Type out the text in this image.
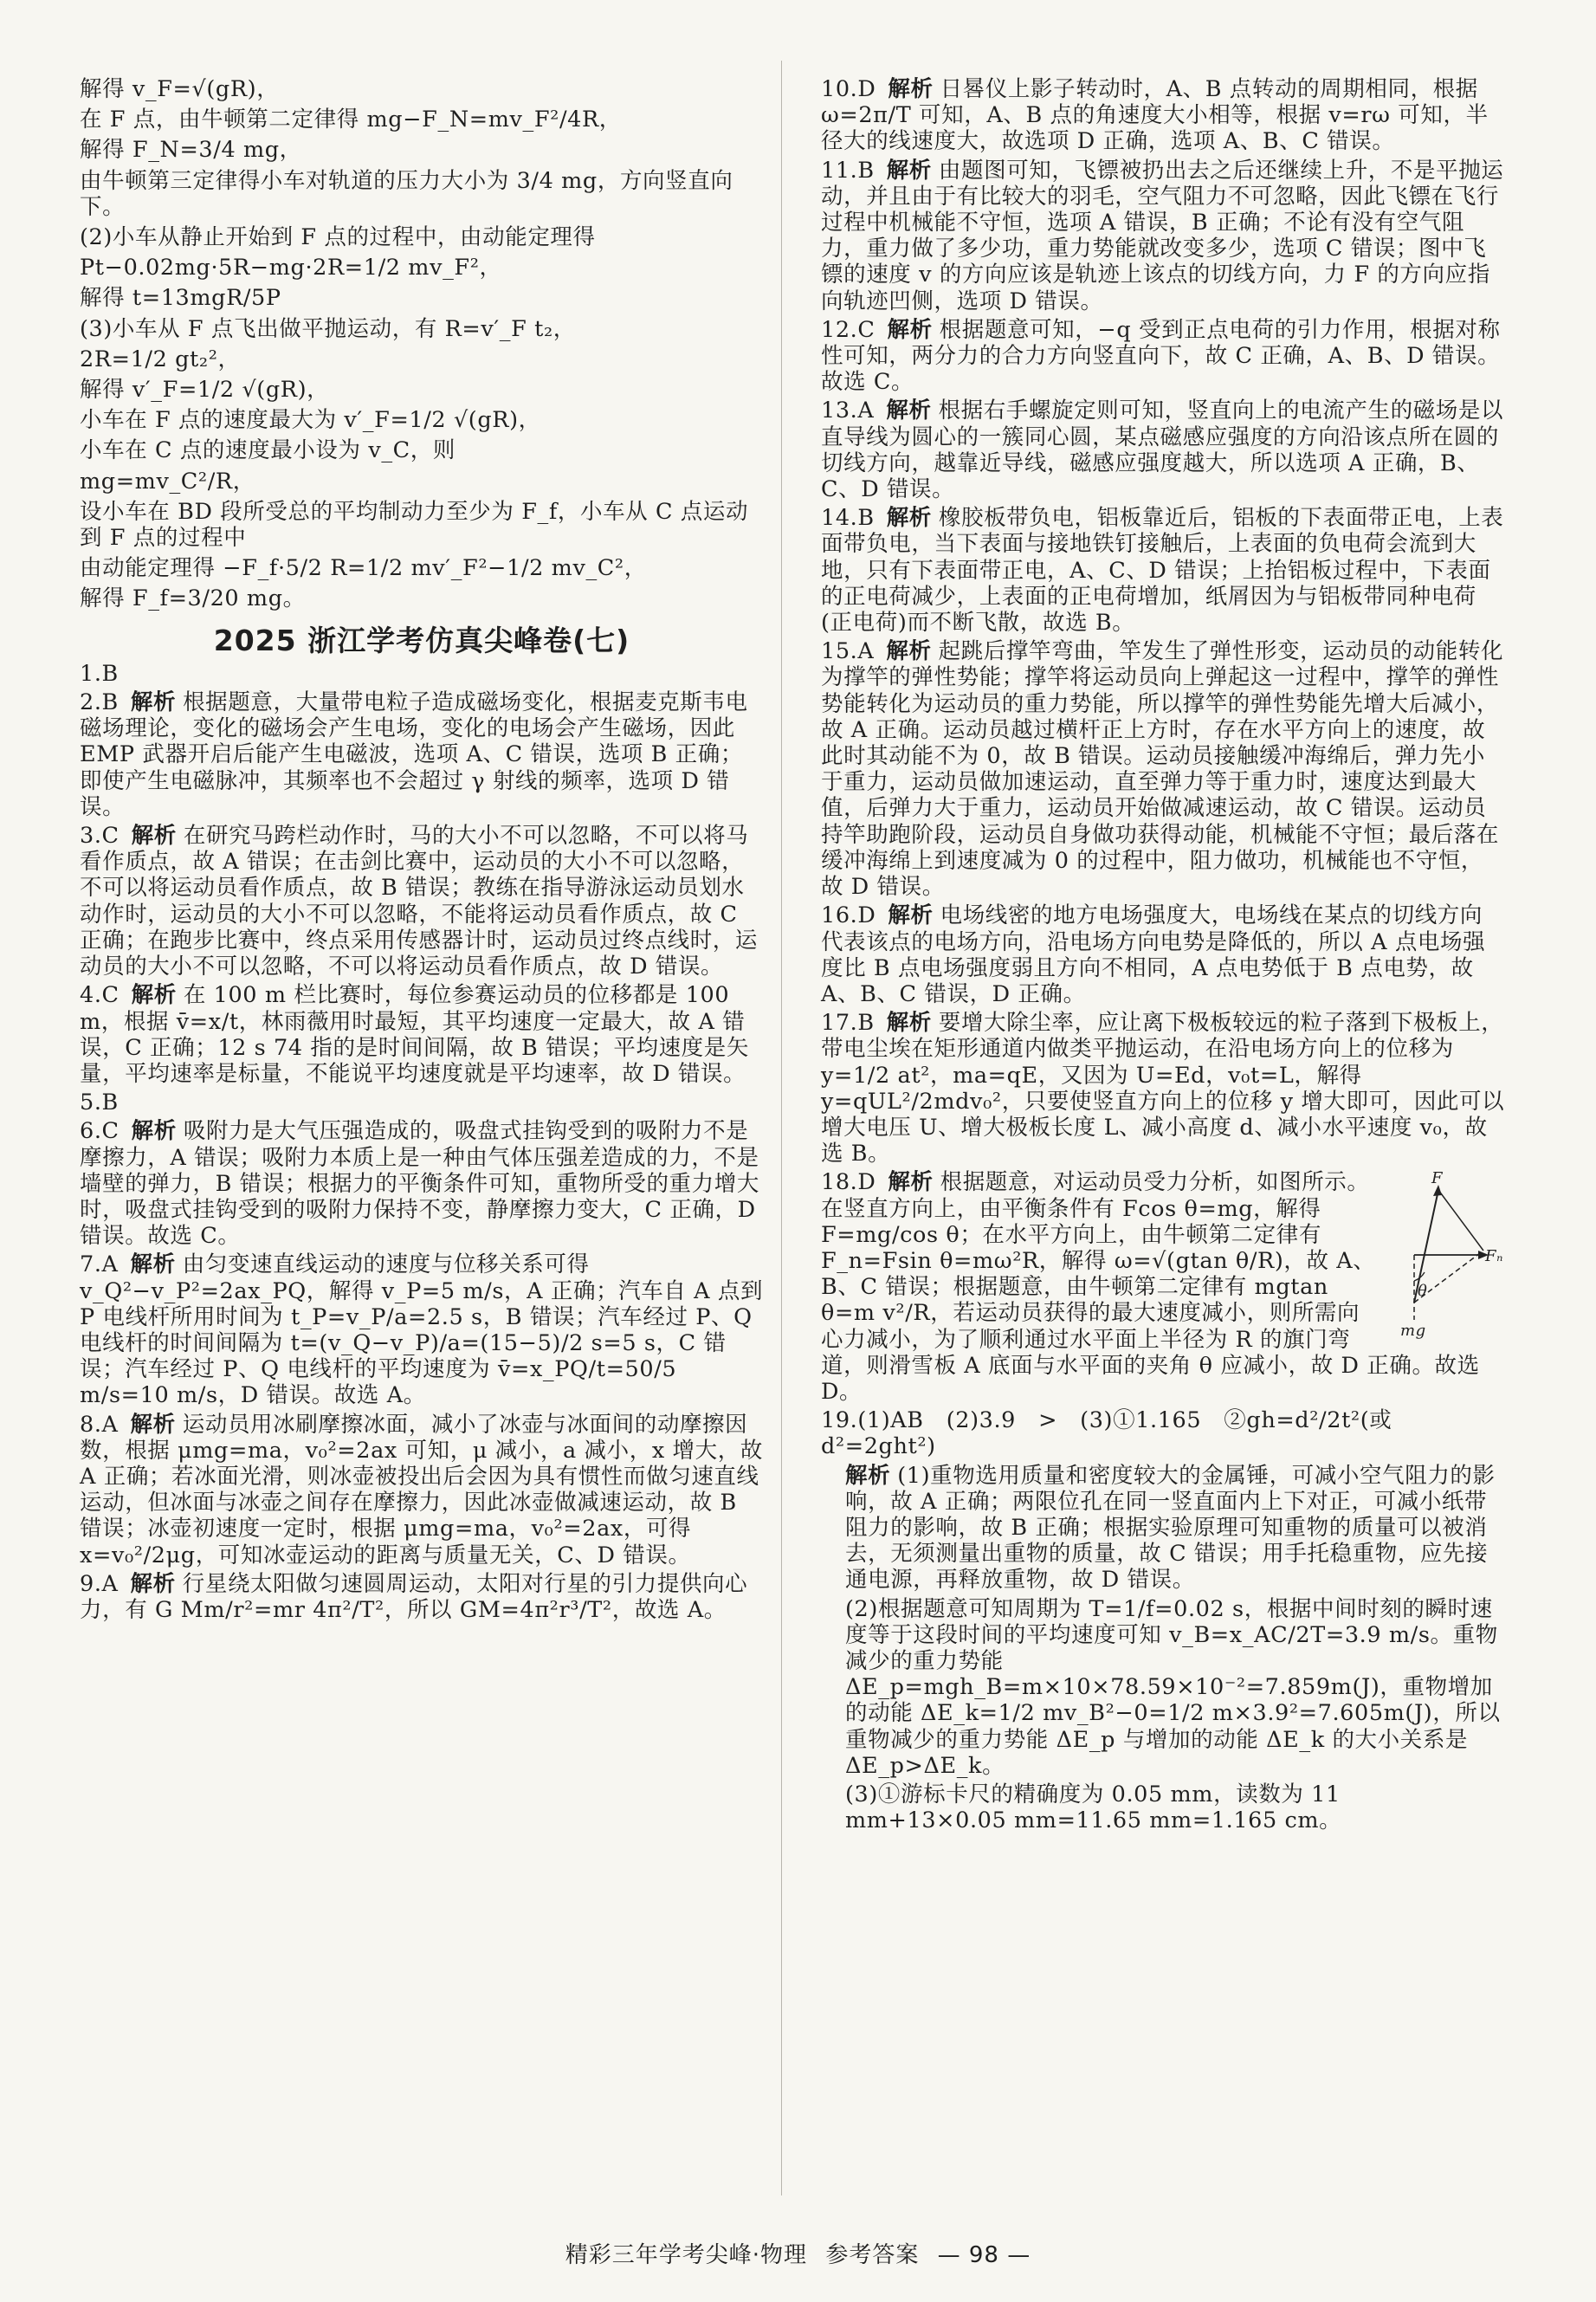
解得 v_F=√(gR)，

在 F 点，由牛顿第二定律得 mg−F_N=mv_F²/4R，

解得 F_N=3/4 mg，

由牛顿第三定律得小车对轨道的压力大小为 3/4 mg，方向竖直向下。

(2)小车从静止开始到 F 点的过程中，由动能定理得

Pt−0.02mg·5R−mg·2R=1/2 mv_F²，

解得 t=13mgR/5P

(3)小车从 F 点飞出做平抛运动，有 R=v′_F t₂，

2R=1/2 gt₂²，

解得 v′_F=1/2 √(gR)，

小车在 F 点的速度最大为 v′_F=1/2 √(gR)，

小车在 C 点的速度最小设为 v_C，则

mg=mv_C²/R，

设小车在 BD 段所受总的平均制动力至少为 F_f，小车从 C 点运动到 F 点的过程中

由动能定理得 −F_f·5/2 R=1/2 mv′_F²−1/2 mv_C²，

解得 F_f=3/20 mg。

2025 浙江学考仿真尖峰卷(七)

1.B

2.B 解析 根据题意，大量带电粒子造成磁场变化，根据麦克斯韦电磁场理论，变化的磁场会产生电场，变化的电场会产生磁场，因此 EMP 武器开启后能产生电磁波，选项 A、C 错误，选项 B 正确；即使产生电磁脉冲，其频率也不会超过 γ 射线的频率，选项 D 错误。

3.C 解析 在研究马跨栏动作时，马的大小不可以忽略，不可以将马看作质点，故 A 错误；在击剑比赛中，运动员的大小不可以忽略，不可以将运动员看作质点，故 B 错误；教练在指导游泳运动员划水动作时，运动员的大小不可以忽略，不能将运动员看作质点，故 C 正确；在跑步比赛中，终点采用传感器计时，运动员过终点线时，运动员的大小不可以忽略，不可以将运动员看作质点，故 D 错误。

4.C 解析 在 100 m 栏比赛时，每位参赛运动员的位移都是 100 m，根据 v̄=x/t，林雨薇用时最短，其平均速度一定最大，故 A 错误，C 正确；12 s 74 指的是时间间隔，故 B 错误；平均速度是矢量，平均速率是标量，不能说平均速度就是平均速率，故 D 错误。

5.B

6.C 解析 吸附力是大气压强造成的，吸盘式挂钩受到的吸附力不是摩擦力，A 错误；吸附力本质上是一种由气体压强差造成的力，不是墙壁的弹力，B 错误；根据力的平衡条件可知，重物所受的重力增大时，吸盘式挂钩受到的吸附力保持不变，静摩擦力变大，C 正确，D 错误。故选 C。

7.A 解析 由匀变速直线运动的速度与位移关系可得 v_Q²−v_P²=2ax_PQ，解得 v_P=5 m/s，A 正确；汽车自 A 点到 P 电线杆所用时间为 t_P=v_P/a=2.5 s，B 错误；汽车经过 P、Q 电线杆的时间间隔为 t=(v_Q−v_P)/a=(15−5)/2 s=5 s，C 错误；汽车经过 P、Q 电线杆的平均速度为 v̄=x_PQ/t=50/5 m/s=10 m/s，D 错误。故选 A。

8.A 解析 运动员用冰刷摩擦冰面，减小了冰壶与冰面间的动摩擦因数，根据 μmg=ma，v₀²=2ax 可知，μ 减小，a 减小，x 增大，故 A 正确；若冰面光滑，则冰壶被投出后会因为具有惯性而做匀速直线运动，但冰面与冰壶之间存在摩擦力，因此冰壶做减速运动，故 B 错误；冰壶初速度一定时，根据 μmg=ma，v₀²=2ax，可得 x=v₀²/2μg，可知冰壶运动的距离与质量无关，C、D 错误。

9.A 解析 行星绕太阳做匀速圆周运动，太阳对行星的引力提供向心力，有 G Mm/r²=mr 4π²/T²，所以 GM=4π²r³/T²，故选 A。

10.D 解析 日晷仪上影子转动时，A、B 点转动的周期相同，根据 ω=2π/T 可知，A、B 点的角速度大小相等，根据 v=rω 可知，半径大的线速度大，故选项 D 正确，选项 A、B、C 错误。

11.B 解析 由题图可知，飞镖被扔出去之后还继续上升，不是平抛运动，并且由于有比较大的羽毛，空气阻力不可忽略，因此飞镖在飞行过程中机械能不守恒，选项 A 错误，B 正确；不论有没有空气阻力，重力做了多少功，重力势能就改变多少，选项 C 错误；图中飞镖的速度 v 的方向应该是轨迹上该点的切线方向，力 F 的方向应指向轨迹凹侧，选项 D 错误。

12.C 解析 根据题意可知，−q 受到正点电荷的引力作用，根据对称性可知，两分力的合力方向竖直向下，故 C 正确，A、B、D 错误。故选 C。

13.A 解析 根据右手螺旋定则可知，竖直向上的电流产生的磁场是以直导线为圆心的一簇同心圆，某点磁感应强度的方向沿该点所在圆的切线方向，越靠近导线，磁感应强度越大，所以选项 A 正确，B、C、D 错误。

14.B 解析 橡胶板带负电，铝板靠近后，铝板的下表面带正电，上表面带负电，当下表面与接地铁钉接触后，上表面的负电荷会流到大地，只有下表面带正电，A、C、D 错误；上抬铝板过程中，下表面的正电荷减少，上表面的正电荷增加，纸屑因为与铝板带同种电荷(正电荷)而不断飞散，故选 B。

15.A 解析 起跳后撑竿弯曲，竿发生了弹性形变，运动员的动能转化为撑竿的弹性势能；撑竿将运动员向上弹起这一过程中，撑竿的弹性势能转化为运动员的重力势能，所以撑竿的弹性势能先增大后减小，故 A 正确。运动员越过横杆正上方时，存在水平方向上的速度，故此时其动能不为 0，故 B 错误。运动员接触缓冲海绵后，弹力先小于重力，运动员做加速运动，直至弹力等于重力时，速度达到最大值，后弹力大于重力，运动员开始做减速运动，故 C 错误。运动员持竿助跑阶段，运动员自身做功获得动能，机械能不守恒；最后落在缓冲海绵上到速度减为 0 的过程中，阻力做功，机械能也不守恒，故 D 错误。

16.D 解析 电场线密的地方电场强度大，电场线在某点的切线方向代表该点的电场方向，沿电场方向电势是降低的，所以 A 点电场强度比 B 点电场强度弱且方向不相同，A 点电势低于 B 点电势，故 A、B、C 错误，D 正确。

17.B 解析 要增大除尘率，应让离下极板较远的粒子落到下极板上，带电尘埃在矩形通道内做类平抛运动，在沿电场方向上的位移为 y=1/2 at²，ma=qE，又因为 U=Ed，v₀t=L，解得 y=qUL²/2mdv₀²，只要使竖直方向上的位移 y 增大即可，因此可以增大电压 U、增大极板长度 L、减小高度 d、减小水平速度 v₀，故选 B。

18.D 解析	F
Fₙ
θ
mg
根据题意，对运动员受力分析，如图所示。在竖直方向上，由平衡条件有 Fcos θ=mg，解得 F=mg/cos θ；在水平方向上，由牛顿第二定律有 F_n=Fsin θ=mω²R，解得 ω=√(gtan θ/R)，故 A、B、C 错误；根据题意，由牛顿第二定律有 mgtan θ=m v²/R，若运动员获得的最大速度减小，则所需向心力减小，为了顺利通过水平面上半径为 R 的旗门弯道，则滑雪板 A 底面与水平面的夹角 θ 应减小，故 D 正确。故选 D。

19.(1)AB　(2)3.9　>　(3)①1.165　②gh=d²/2t²(或 d²=2ght²)

解析 (1)重物选用质量和密度较大的金属锤，可减小空气阻力的影响，故 A 正确；两限位孔在同一竖直面内上下对正，可减小纸带阻力的影响，故 B 正确；根据实验原理可知重物的质量可以被消去，无须测量出重物的质量，故 C 错误；用手托稳重物，应先接通电源，再释放重物，故 D 错误。

(2)根据题意可知周期为 T=1/f=0.02 s，根据中间时刻的瞬时速度等于这段时间的平均速度可知 v_B=x_AC/2T=3.9 m/s。重物减少的重力势能 ΔE_p=mgh_B=m×10×78.59×10⁻²=7.859m(J)，重物增加的动能 ΔE_k=1/2 mv_B²−0=1/2 m×3.9²=7.605m(J)，所以重物减少的重力势能 ΔE_p 与增加的动能 ΔE_k 的大小关系是 ΔE_p>ΔE_k。

(3)①游标卡尺的精确度为 0.05 mm，读数为 11 mm+13×0.05 mm=11.65 mm=1.165 cm。

精彩三年学考尖峰·物理 参考答案 — 98 —
